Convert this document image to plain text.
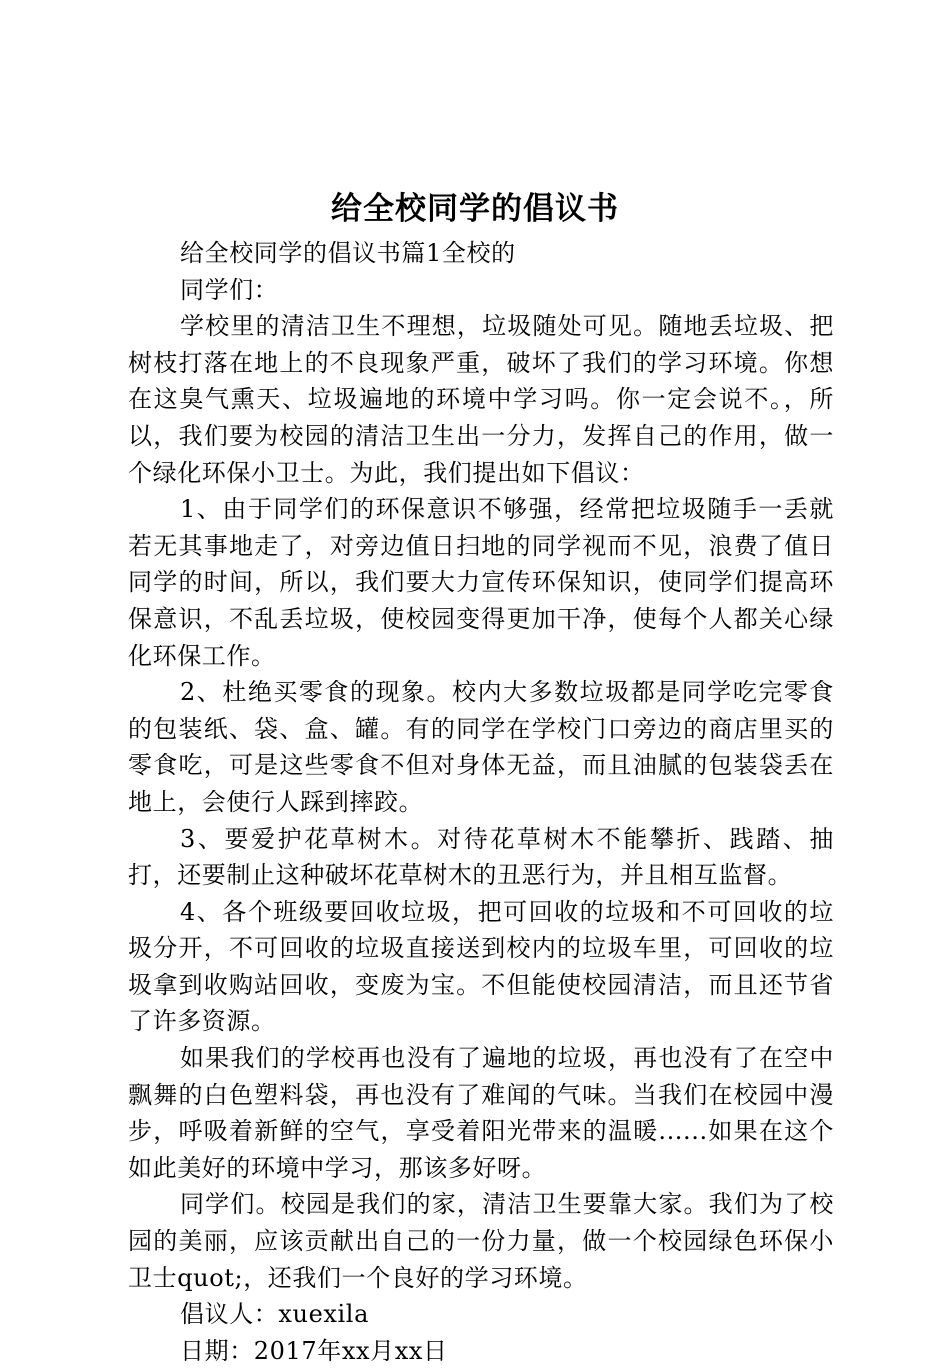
给全校同学的倡议书

给全校同学的倡议书篇1全校的

同学们：

学校里的清洁卫生不理想，垃圾随处可见。随地丢垃圾、把树枝打落在地上的不良现象严重，破坏了我们的学习环境。你想在这臭气熏天、垃圾遍地的环境中学习吗。你一定会说不。，所以，我们要为校园的清洁卫生出一分力，发挥自己的作用，做一个绿化环保小卫士。为此，我们提出如下倡议：

1、由于同学们的环保意识不够强，经常把垃圾随手一丢就若无其事地走了，对旁边值日扫地的同学视而不见，浪费了值日同学的时间，所以，我们要大力宣传环保知识，使同学们提高环保意识，不乱丢垃圾，使校园变得更加干净，使每个人都关心绿化环保工作。

2、杜绝买零食的现象。校内大多数垃圾都是同学吃完零食的包装纸、袋、盒、罐。有的同学在学校门口旁边的商店里买的零食吃，可是这些零食不但对身体无益，而且油腻的包装袋丢在地上，会使行人踩到摔跤。

3、要爱护花草树木。对待花草树木不能攀折、践踏、抽打，还要制止这种破坏花草树木的丑恶行为，并且相互监督。

4、各个班级要回收垃圾，把可回收的垃圾和不可回收的垃圾分开，不可回收的垃圾直接送到校内的垃圾车里，可回收的垃圾拿到收购站回收，变废为宝。不但能使校园清洁，而且还节省了许多资源。

如果我们的学校再也没有了遍地的垃圾，再也没有了在空中飘舞的白色塑料袋，再也没有了难闻的气味。当我们在校园中漫步，呼吸着新鲜的空气，享受着阳光带来的温暖......如果在这个如此美好的环境中学习，那该多好呀。

同学们。校园是我们的家，清洁卫生要靠大家。我们为了校园的美丽，应该贡献出自己的一份力量，做一个校园绿色环保小卫士quot;，还我们一个良好的学习环境。

倡议人：xuexila

日期：2017年xx月xx日
